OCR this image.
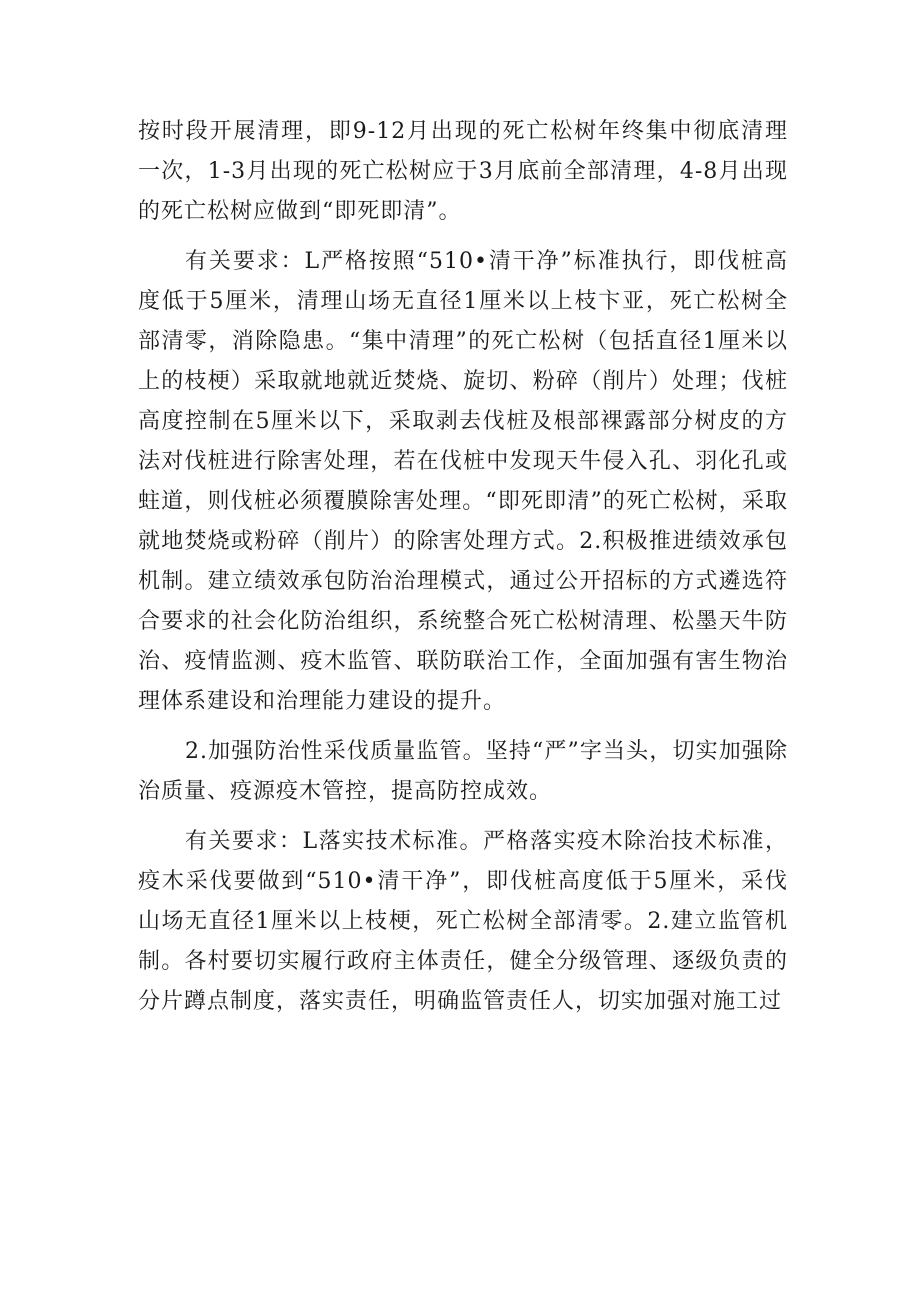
按时段开展清理，即9-12月出现的死亡松树年终集中彻底清理一次，1-3月出现的死亡松树应于3月底前全部清理，4-8月出现的死亡松树应做到“即死即清”。

有关要求：L严格按照“510•清干净”标准执行，即伐桩高度低于5厘米，清理山场无直径1厘米以上枝卞亚，死亡松树全部清零，消除隐患。“集中清理”的死亡松树（包括直径1厘米以上的枝梗）采取就地就近焚烧、旋切、粉碎（削片）处理；伐桩高度控制在5厘米以下，采取剥去伐桩及根部裸露部分树皮的方法对伐桩进行除害处理，若在伐桩中发现天牛侵入孔、羽化孔或蛀道，则伐桩必须覆膜除害处理。“即死即清”的死亡松树，采取就地焚烧或粉碎（削片）的除害处理方式。2.积极推进绩效承包机制。建立绩效承包防治治理模式，通过公开招标的方式遴选符合要求的社会化防治组织，系统整合死亡松树清理、松墨天牛防治、疫情监测、疫木监管、联防联治工作，全面加强有害生物治理体系建设和治理能力建设的提升。

2.加强防治性采伐质量监管。坚持“严”字当头，切实加强除治质量、疫源疫木管控，提高防控成效。

有关要求：L落实技术标准。严格落实疫木除治技术标准，疫木采伐要做到“510•清干净”，即伐桩高度低于5厘米，采伐山场无直径1厘米以上枝梗，死亡松树全部清零。2.建立监管机制。各村要切实履行政府主体责任，健全分级管理、逐级负责的分片蹲点制度，落实责任，明确监管责任人，切实加强对施工过
